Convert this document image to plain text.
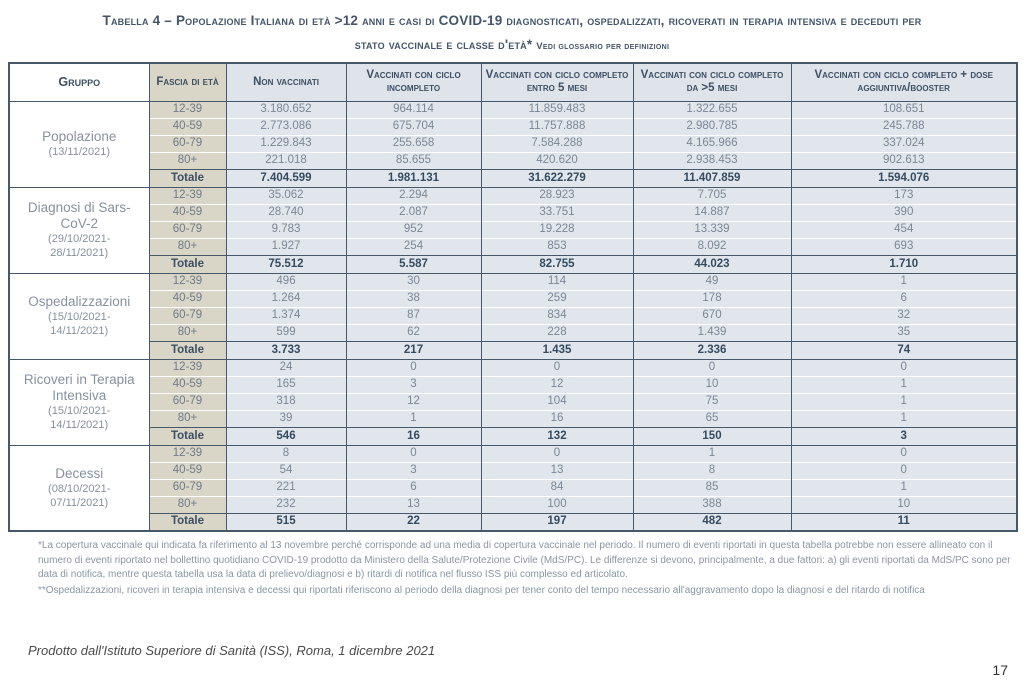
Tabella 4 – Popolazione Italiana di età >12 anni e casi di COVID-19 diagnosticati, ospedalizzati, ricoverati in terapia intensiva e deceduti per
stato vaccinale e classe d'età* Vedi glossario per definizioni
Gruppo	Fascia di età	Non vaccinati	Vaccinati con ciclo incompleto	Vaccinati con ciclo completo entro 5 mesi	Vaccinati con ciclo completo da >5 mesi	Vaccinati con ciclo completo + dose aggiuntiva/booster

Popolazione
(13/11/2021)	12-39	3.180.652	964.114	11.859.483	1.322.655	108.651
	40-59	2.773.086	675.704	11.757.888	2.980.785	245.788
	60-79	1.229.843	255.658	7.584.288	4.165.966	337.024
	80+	221.018	85.655	420.620	2.938.453	902.613
	Totale	7.404.599	1.981.131	31.622.279	11.407.859	1.594.076

Diagnosi di Sars-CoV-2
(29/10/2021-28/11/2021)	12-39	35.062	2.294	28.923	7.705	173
	40-59	28.740	2.087	33.751	14.887	390
	60-79	9.783	952	19.228	13.339	454
	80+	1.927	254	853	8.092	693
	Totale	75.512	5.587	82.755	44.023	1.710

Ospedalizzazioni
(15/10/2021-14/11/2021)	12-39	496	30	114	49	1
	40-59	1.264	38	259	178	6
	60-79	1.374	87	834	670	32
	80+	599	62	228	1.439	35
	Totale	3.733	217	1.435	2.336	74

Ricoveri in Terapia Intensiva
(15/10/2021-14/11/2021)	12-39	24	0	0	0	0
	40-59	165	3	12	10	1
	60-79	318	12	104	75	1
	80+	39	1	16	65	1
	Totale	546	16	132	150	3

Decessi
(08/10/2021-07/11/2021)	12-39	8	0	0	1	0
	40-59	54	3	13	8	0
	60-79	221	6	84	85	1
	80+	232	13	100	388	10
	Totale	515	22	197	482	11

*La copertura vaccinale qui indicata fa riferimento al 13 novembre perché corrisponde ad una media di copertura vaccinale nel periodo. Il numero di eventi riportati in questa tabella potrebbe non essere allineato con il numero di eventi riportato nel bollettino quotidiano COVID-19 prodotto da Ministero della Salute/Protezione Civile (MdS/PC). Le differenze si devono, principalmente, a due fattori: a) gli eventi riportati da MdS/PC sono per data di notifica, mentre questa tabella usa la data di prelievo/diagnosi e b) ritardi di notifica nel flusso ISS più complesso ed articolato.

**Ospedalizzazioni, ricoveri in terapia intensiva e decessi qui riportati riferiscono al periodo della diagnosi per tener conto del tempo necessario all'aggravamento dopo la diagnosi e del ritardo di notifica

Prodotto dall'Istituto Superiore di Sanità (ISS), Roma, 1 dicembre 2021
17
